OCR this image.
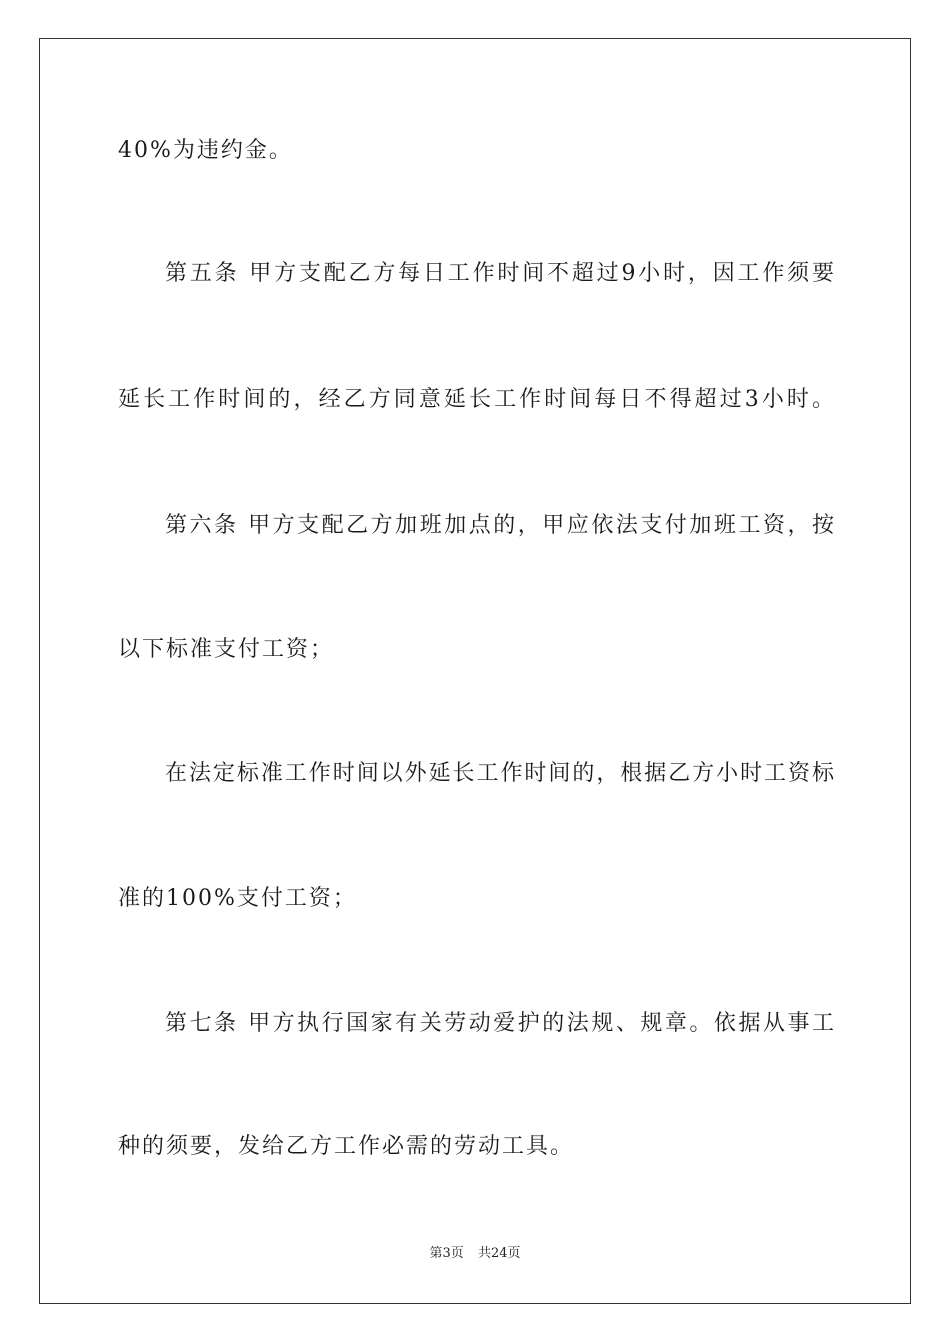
40%为违约金。
第五条 甲方支配乙方每日工作时间不超过9小时，因工作须要
延长工作时间的，经乙方同意延长工作时间每日不得超过3小时。
第六条 甲方支配乙方加班加点的，甲应依法支付加班工资，按
以下标准支付工资；
在法定标准工作时间以外延长工作时间的，根据乙方小时工资标
准的100%支付工资；
第七条 甲方执行国家有关劳动爱护的法规、规章。依据从事工
种的须要，发给乙方工作必需的劳动工具。
第3页 共24页
